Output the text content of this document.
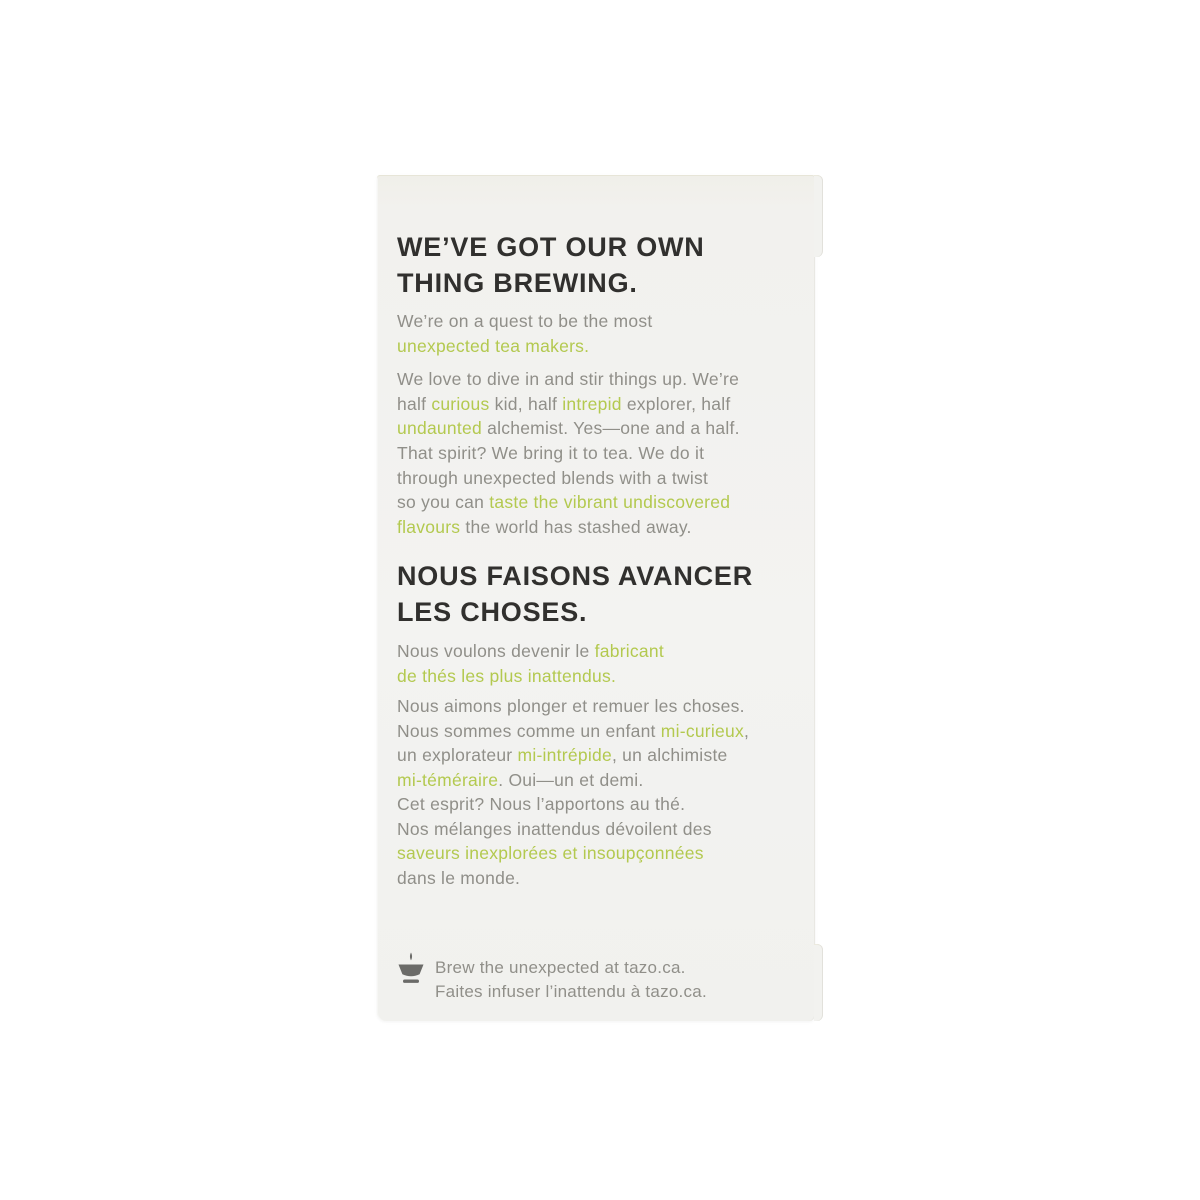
WE’VE GOT OUR OWN
THING BREWING.
We’re on a quest to be the most
unexpected tea makers.
We love to dive in and stir things up. We’re
half curious kid, half intrepid explorer, half
undaunted alchemist. Yes—one and a half.
That spirit? We bring it to tea. We do it
through unexpected blends with a twist
so you can taste the vibrant undiscovered
flavours the world has stashed away.
NOUS FAISONS AVANCER
LES CHOSES.
Nous voulons devenir le fabricant
de thés les plus inattendus.
Nous aimons plonger et remuer les choses.
Nous sommes comme un enfant mi-curieux,
un explorateur mi-intrépide, un alchimiste
mi-téméraire. Oui—un et demi.
Cet esprit? Nous l’apportons au thé.
Nos mélanges inattendus dévoilent des
saveurs inexplorées et insoupçonnées
dans le monde.
Brew the unexpected at tazo.ca.
Faites infuser l’inattendu à tazo.ca.
